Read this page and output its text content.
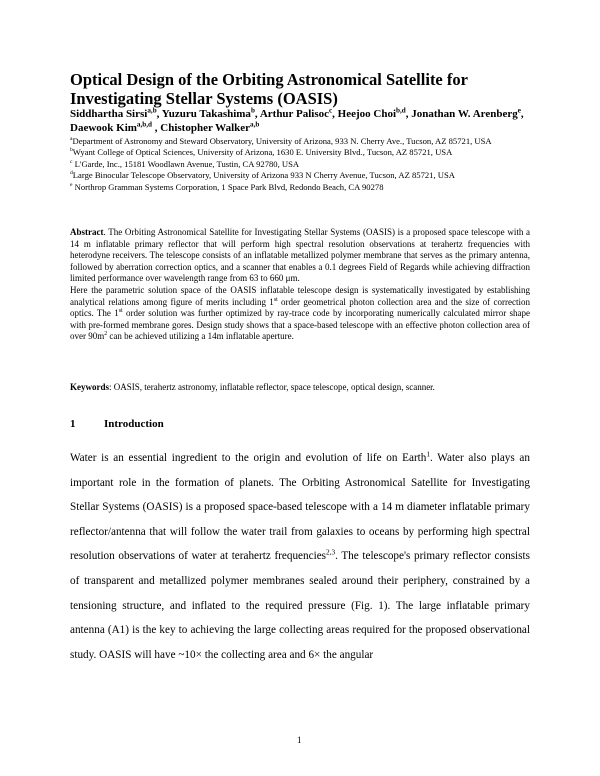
Optical Design of the Orbiting Astronomical Satellite for Investigating Stellar Systems (OASIS)
Siddhartha Sirsi$^{a,b}$, Yuzuru Takashima$^b$, Arthur Palisoc$^c$, Heejoo Choi$^{b,d}$, Jonathan W. Arenberg$^e$, Daewook Kim$^{a,b,d}$ , Chistopher Walker$^{a,b}$
$^a$Department of Astronomy and Steward Observatory, University of Arizona, 933 N. Cherry Ave., Tucson, AZ 85721, USA
$^b$Wyant College of Optical Sciences, University of Arizona, 1630 E. University Blvd., Tucson, AZ 85721, USA
$^c$ L'Garde, Inc., 15181 Woodlawn Avenue, Tustin, CA 92780, USA
$^d$Large Binocular Telescope Observatory, University of Arizona 933 N Cherry Avenue, Tucson, AZ 85721, USA
$^e$ Northrop Gramman Systems Corporation, 1 Space Park Blvd, Redondo Beach, CA 90278

Abstract. The Orbiting Astronomical Satellite for Investigating Stellar Systems (OASIS) is a proposed space telescope with a 14 m inflatable primary reflector that will perform high spectral resolution observations at terahertz frequencies with heterodyne receivers. The telescope consists of an inflatable metallized polymer membrane that serves as the primary antenna, followed by aberration correction optics, and a scanner that enables a 0.1 degrees Field of Regards while achieving diffraction limited performance over wavelength range from 63 to 660 μm.

Here the parametric solution space of the OASIS inflatable telescope design is systematically investigated by establishing analytical relations among figure of merits including 1st order geometrical photon collection area and the size of correction optics. The 1st order solution was further optimized by ray-trace code by incorporating numerically calculated mirror shape with pre-formed membrane gores. Design study shows that a space-based telescope with an effective photon collection area of over $90m^2$ can be achieved utilizing a 14m inflatable aperture.

Keywords: OASIS, terahertz astronomy, inflatable reflector, space telescope, optical design, scanner.
1	Introduction

Water is an essential ingredient to the origin and evolution of life on Earth$^1$. Water also plays an important role in the formation of planets. The Orbiting Astronomical Satellite for Investigating Stellar Systems (OASIS) is a proposed space-based telescope with a 14 m diameter inflatable primary reflector/antenna that will follow the water trail from galaxies to oceans by performing high spectral resolution observations of water at terahertz frequencies$^{2,3}$. The telescope's primary reflector consists of transparent and metallized polymer membranes sealed around their periphery, constrained by a tensioning structure, and inflated to the required pressure (Fig. 1). The large inflatable primary antenna (A1) is the key to achieving the large collecting areas required for the proposed observational study. OASIS will have ~10× the collecting area and 6× the angular

1
